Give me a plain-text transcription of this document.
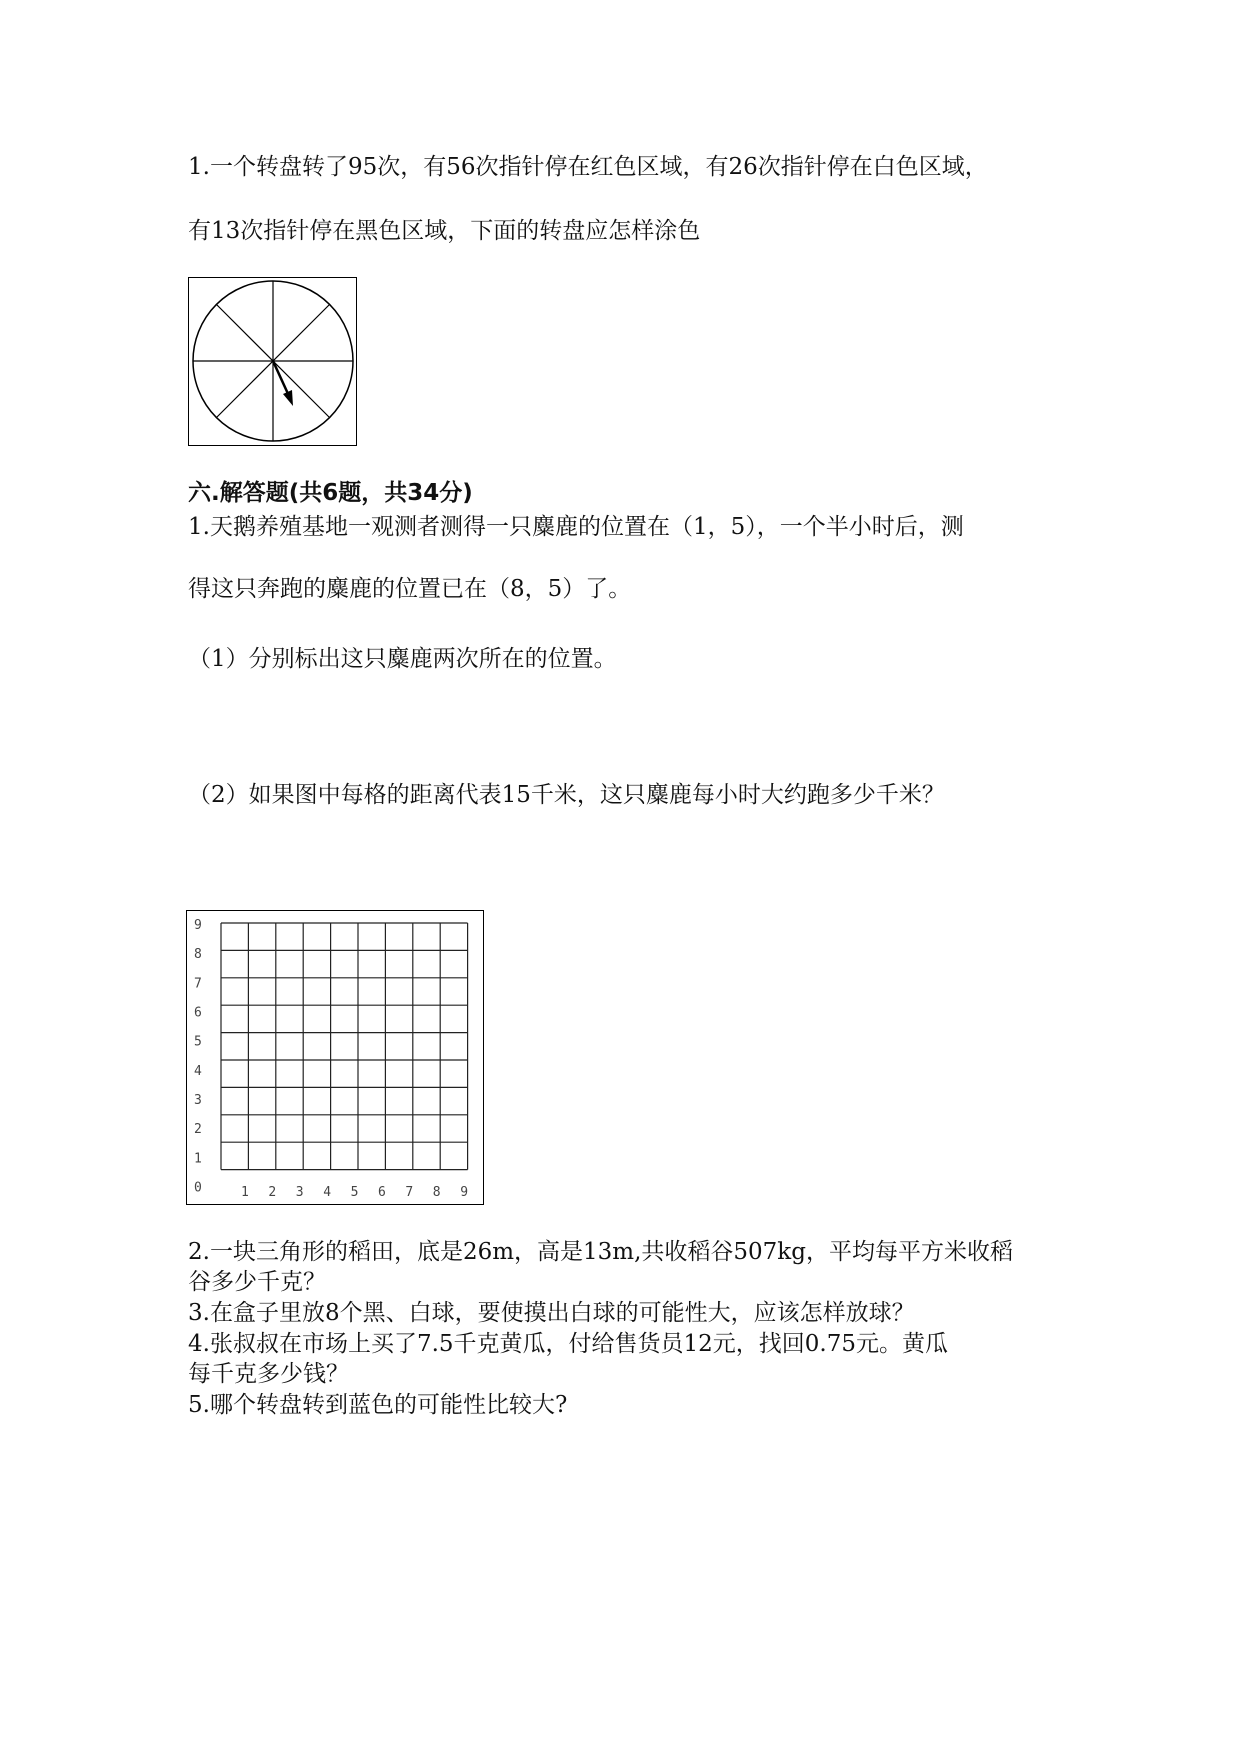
1.一个转盘转了95次，有56次指针停在红色区域，有26次指针停在白色区域，
有13次指针停在黑色区域，下面的转盘应怎样涂色
六.解答题(共6题，共34分)
1.天鹅养殖基地一观测者测得一只麋鹿的位置在（1，5），一个半小时后，测
得这只奔跑的麋鹿的位置已在（8，5）了。
（1）分别标出这只麋鹿两次所在的位置。
（2）如果图中每格的距离代表15千米，这只麋鹿每小时大约跑多少千米？
9
8
7
6
5
4
3
2
1
0	1 2 3 4 5 6 7 8 9
2.一块三角形的稻田，底是26m，高是13m,共收稻谷507kg，平均每平方米收稻
谷多少千克？
3.在盒子里放8个黑、白球，要使摸出白球的可能性大，应该怎样放球？
4.张叔叔在市场上买了7.5千克黄瓜，付给售货员12元，找回0.75元。黄瓜
每千克多少钱？
5.哪个转盘转到蓝色的可能性比较大?
